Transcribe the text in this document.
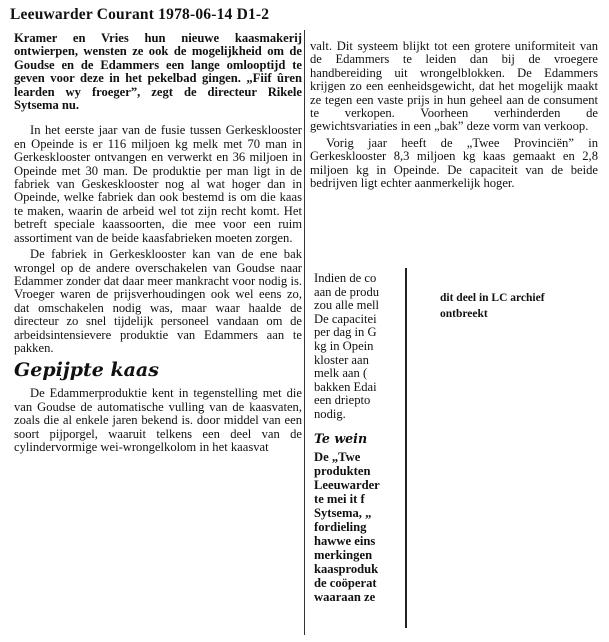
Leeuwarder Courant 1978-06-14 D1-2

Kramer en Vries hun nieuwe kaasmakerij ontwierpen, wensten ze ook de mogelijkheid om de Goudse en de Edammers een lange omlooptijd te geven voor deze in het pekelbad gingen. „Fiif ûren learden wy froeger”, zegt de directeur Rikele Sytsema nu.

In het eerste jaar van de fusie tussen Gerkesklooster en Opeinde is er 116 miljoen kg melk met 70 man in Gerkesklooster ontvangen en verwerkt en 36 miljoen in Opeinde met 30 man. De produktie per man ligt in de fabriek van Geskesklooster nog al wat hoger dan in Opeinde, welke fabriek dan ook bestemd is om die kaas te maken, waarin de arbeid wel tot zijn recht komt. Het betreft speciale kaassoorten, die mee voor een ruim assortiment van de beide kaasfabrieken moeten zorgen.

De fabriek in Gerkesklooster kan van de ene bak wrongel op de andere overschakelen van Goudse naar Edammer zonder dat daar meer mankracht voor nodig is. Vroeger waren de prijsverhoudingen ook wel eens zo, dat omschakelen nodig was, maar waar haalde de directeur zo snel tijdelijk personeel vandaan om de arbeidsintensievere produktie van Edammers aan te pakken.

Gepijpte kaas

De Edammerproduktie kent in tegenstelling met die van Goudse de automatische vulling van de kaasvaten, zoals die al enkele jaren bekend is. door middel van een soort pijporgel, waaruit telkens een deel van de cylindervormige wei-wrongelkolom in het kaasvat

valt. Dit systeem blijkt tot een grotere uniformiteit van de Edammers te leiden dan bij de vroegere handbereiding uit wrongelblokken. De Edammers krijgen zo een eenheidsgewicht, dat het mogelijk maakt ze tegen een vaste prijs in hun geheel aan de consument te verkopen. Voorheen verhinderden de gewichtsvariaties in een „bak” deze vorm van verkoop.

Vorig jaar heeft de „Twee Provinciën” in Gerkesklooster 8,3 miljoen kg kaas gemaakt en 2,8 miljoen kg in Opeinde. De capaciteit van de beide bedrijven ligt echter aanmerkelijk hoger.

Indien de co

aan de produ

zou alle mell

De capacitei

per dag in G

kg in Opein

kloster aan

melk aan (

bakken Edai

een driepto

nodig.

Te wein

De „Twe

produkten

Leeuwarder

te mei it f

Sytsema, „

fordieling

hawwe eins

merkingen

kaasproduk

de coöperat

waaraan ze

dit deel in LC archief ontbreekt
